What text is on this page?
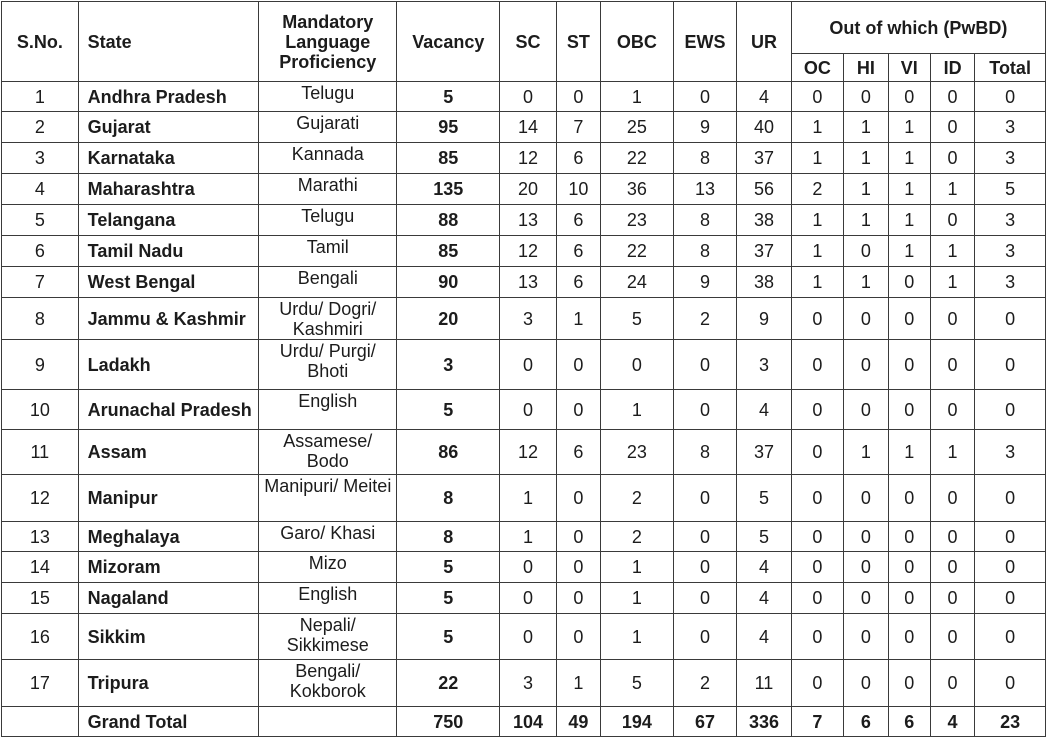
S.No.	State	Mandatory Language Proficiency	Vacancy	SC	ST	OBC	EWS	UR	Out of which (PwBD)				
									OC	HI	VI	ID	Total
1	Andhra Pradesh	Telugu	5	0	0	1	0	4	0	0	0	0	0
2	Gujarat	Gujarati	95	14	7	25	9	40	1	1	1	0	3
3	Karnataka	Kannada	85	12	6	22	8	37	1	1	1	0	3
4	Maharashtra	Marathi	135	20	10	36	13	56	2	1	1	1	5
5	Telangana	Telugu	88	13	6	23	8	38	1	1	1	0	3
6	Tamil Nadu	Tamil	85	12	6	22	8	37	1	0	1	1	3
7	West Bengal	Bengali	90	13	6	24	9	38	1	1	0	1	3
8	Jammu & Kashmir	Urdu/ Dogri/ Kashmiri	20	3	1	5	2	9	0	0	0	0	0
9	Ladakh	Urdu/ Purgi/ Bhoti	3	0	0	0	0	3	0	0	0	0	0
10	Arunachal Pradesh	English	5	0	0	1	0	4	0	0	0	0	0
11	Assam	Assamese/ Bodo	86	12	6	23	8	37	0	1	1	1	3
12	Manipur	Manipuri/ Meitei	8	1	0	2	0	5	0	0	0	0	0
13	Meghalaya	Garo/ Khasi	8	1	0	2	0	5	0	0	0	0	0
14	Mizoram	Mizo	5	0	0	1	0	4	0	0	0	0	0
15	Nagaland	English	5	0	0	1	0	4	0	0	0	0	0
16	Sikkim	Nepali/ Sikkimese	5	0	0	1	0	4	0	0	0	0	0
17	Tripura	Bengali/ Kokborok	22	3	1	5	2	11	0	0	0	0	0
	Grand Total		750	104	49	194	67	336	7	6	6	4	23
